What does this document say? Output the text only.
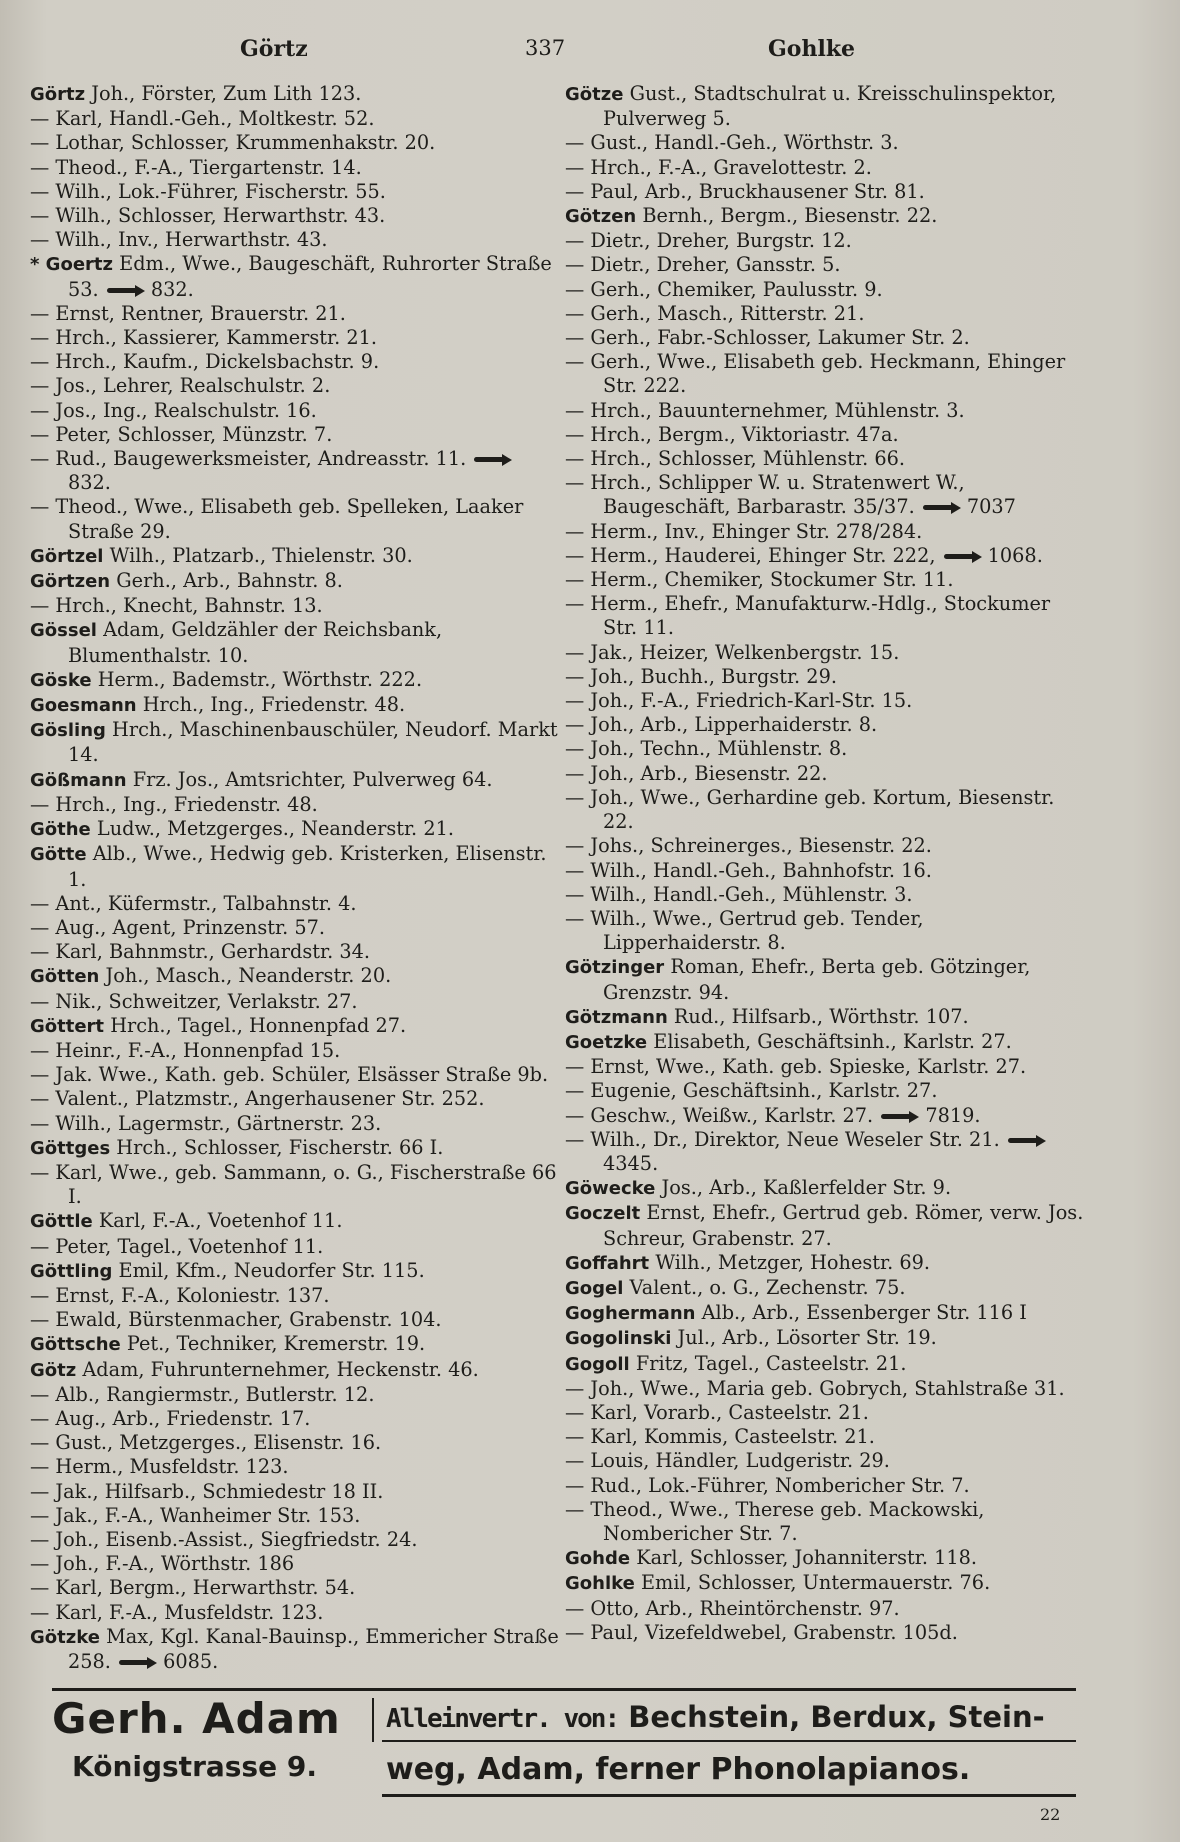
Görtz	337	Gohlke

Görtz Joh., Förster, Zum Lith 123.

— Karl, Handl.-Geh., Moltkestr. 52.

— Lothar, Schlosser, Krummenhakstr. 20.

— Theod., F.-A., Tiergartenstr. 14.

— Wilh., Lok.-Führer, Fischerstr. 55.

— Wilh., Schlosser, Herwarthstr. 43.

— Wilh., Inv., Herwarthstr. 43.

* Goertz Edm., Wwe., Baugeschäft, Ruhrorter Straße 53.	832.

— Ernst, Rentner, Brauerstr. 21.

— Hrch., Kassierer, Kammerstr. 21.

— Hrch., Kaufm., Dickelsbachstr. 9.

— Jos., Lehrer, Realschulstr. 2.

— Jos., Ing., Realschulstr. 16.

— Peter, Schlosser, Münzstr. 7.

— Rud., Baugewerksmeister, Andreasstr. 11. 832.

— Theod., Wwe., Elisabeth geb. Spelleken, Laaker Straße 29.

Görtzel Wilh., Platzarb., Thielenstr. 30.

Görtzen Gerh., Arb., Bahnstr. 8.

— Hrch., Knecht, Bahnstr. 13.

Gössel Adam, Geldzähler der Reichsbank, Blumenthalstr. 10.

Göske Herm., Bademstr., Wörthstr. 222.

Goesmann Hrch., Ing., Friedenstr. 48.

Gösling Hrch., Maschinenbauschüler, Neudorf. Markt 14.

Gößmann Frz. Jos., Amtsrichter, Pulverweg 64.

— Hrch., Ing., Friedenstr. 48.

Göthe Ludw., Metzgerges., Neanderstr. 21.

Götte Alb., Wwe., Hedwig geb. Kristerken, Elisenstr. 1.

— Ant., Küfermstr., Talbahnstr. 4.

— Aug., Agent, Prinzenstr. 57.

— Karl, Bahnmstr., Gerhardstr. 34.

Götten Joh., Masch., Neanderstr. 20.

— Nik., Schweitzer, Verlakstr. 27.

Göttert Hrch., Tagel., Honnenpfad 27.

— Heinr., F.-A., Honnenpfad 15.

— Jak. Wwe., Kath. geb. Schüler, Elsässer Straße 9b.

— Valent., Platzmstr., Angerhausener Str. 252.

— Wilh., Lagermstr., Gärtnerstr. 23.

Göttges Hrch., Schlosser, Fischerstr. 66 I.

— Karl, Wwe., geb. Sammann, o. G., Fischerstraße 66 I.

Göttle Karl, F.-A., Voetenhof 11.

— Peter, Tagel., Voetenhof 11.

Göttling Emil, Kfm., Neudorfer Str. 115.

— Ernst, F.-A., Koloniestr. 137.

— Ewald, Bürstenmacher, Grabenstr. 104.

Göttsche Pet., Techniker, Kremerstr. 19.

Götz Adam, Fuhrunternehmer, Heckenstr. 46.

— Alb., Rangiermstr., Butlerstr. 12.

— Aug., Arb., Friedenstr. 17.

— Gust., Metzgerges., Elisenstr. 16.

— Herm., Musfeldstr. 123.

— Jak., Hilfsarb., Schmiedestr 18 II.

— Jak., F.-A., Wanheimer Str. 153.

— Joh., Eisenb.-Assist., Siegfriedstr. 24.

— Joh., F.-A., Wörthstr. 186

— Karl, Bergm., Herwarthstr. 54.

— Karl, F.-A., Musfeldstr. 123.

Götzke Max, Kgl. Kanal-Bauinsp., Emmericher Straße 258.	6085.

Götze Gust., Stadtschulrat u. Kreisschulinspektor, Pulverweg 5.

— Gust., Handl.-Geh., Wörthstr. 3.

— Hrch., F.-A., Gravelottestr. 2.

— Paul, Arb., Bruckhausener Str. 81.

Götzen Bernh., Bergm., Biesenstr. 22.

— Dietr., Dreher, Burgstr. 12.

— Dietr., Dreher, Gansstr. 5.

— Gerh., Chemiker, Paulusstr. 9.

— Gerh., Masch., Ritterstr. 21.

— Gerh., Fabr.-Schlosser, Lakumer Str. 2.

— Gerh., Wwe., Elisabeth geb. Heckmann, Ehinger Str. 222.

— Hrch., Bauunternehmer, Mühlenstr. 3.

— Hrch., Bergm., Viktoriastr. 47a.

— Hrch., Schlosser, Mühlenstr. 66.

— Hrch., Schlipper W. u. Stratenwert W., Baugeschäft, Barbarastr. 35/37.	7037

— Herm., Inv., Ehinger Str. 278/284.

— Herm., Hauderei, Ehinger Str. 222,	1068.

— Herm., Chemiker, Stockumer Str. 11.

— Herm., Ehefr., Manufakturw.-Hdlg., Stockumer Str. 11.

— Jak., Heizer, Welkenbergstr. 15.

— Joh., Buchh., Burgstr. 29.

— Joh., F.-A., Friedrich-Karl-Str. 15.

— Joh., Arb., Lipperhaiderstr. 8.

— Joh., Techn., Mühlenstr. 8.

— Joh., Arb., Biesenstr. 22.

— Joh., Wwe., Gerhardine geb. Kortum, Biesenstr. 22.

— Johs., Schreinerges., Biesenstr. 22.

— Wilh., Handl.-Geh., Bahnhofstr. 16.

— Wilh., Handl.-Geh., Mühlenstr. 3.

— Wilh., Wwe., Gertrud geb. Tender, Lipperhaiderstr. 8.

Götzinger Roman, Ehefr., Berta geb. Götzinger, Grenzstr. 94.

Götzmann Rud., Hilfsarb., Wörthstr. 107.

Goetzke Elisabeth, Geschäftsinh., Karlstr. 27.

— Ernst, Wwe., Kath. geb. Spieske, Karlstr. 27.

— Eugenie, Geschäftsinh., Karlstr. 27.

— Geschw., Weißw., Karlstr. 27.	7819.

— Wilh., Dr., Direktor, Neue Weseler Str. 21. 4345.

Göwecke Jos., Arb., Kaßlerfelder Str. 9.

Goczelt Ernst, Ehefr., Gertrud geb. Römer, verw. Jos. Schreur, Grabenstr. 27.

Goffahrt Wilh., Metzger, Hohestr. 69.

Gogel Valent., o. G., Zechenstr. 75.

Goghermann Alb., Arb., Essenberger Str. 116 I

Gogolinski Jul., Arb., Lösorter Str. 19.

Gogoll Fritz, Tagel., Casteelstr. 21.

— Joh., Wwe., Maria geb. Gobrych, Stahlstraße 31.

— Karl, Vorarb., Casteelstr. 21.

— Karl, Kommis, Casteelstr. 21.

— Louis, Händler, Ludgeristr. 29.

— Rud., Lok.-Führer, Nombericher Str. 7.

— Theod., Wwe., Therese geb. Mackowski, Nombericher Str. 7.

Gohde Karl, Schlosser, Johanniterstr. 118.

Gohlke Emil, Schlosser, Untermauerstr. 76.

— Otto, Arb., Rheintörchenstr. 97.

— Paul, Vizefeldwebel, Grabenstr. 105d.

Gerh. Adam
Königstrasse 9.
Alleinvertr. von: Bechstein, Berdux, Stein-
weg, Adam, ferner Phonolapianos.
22
